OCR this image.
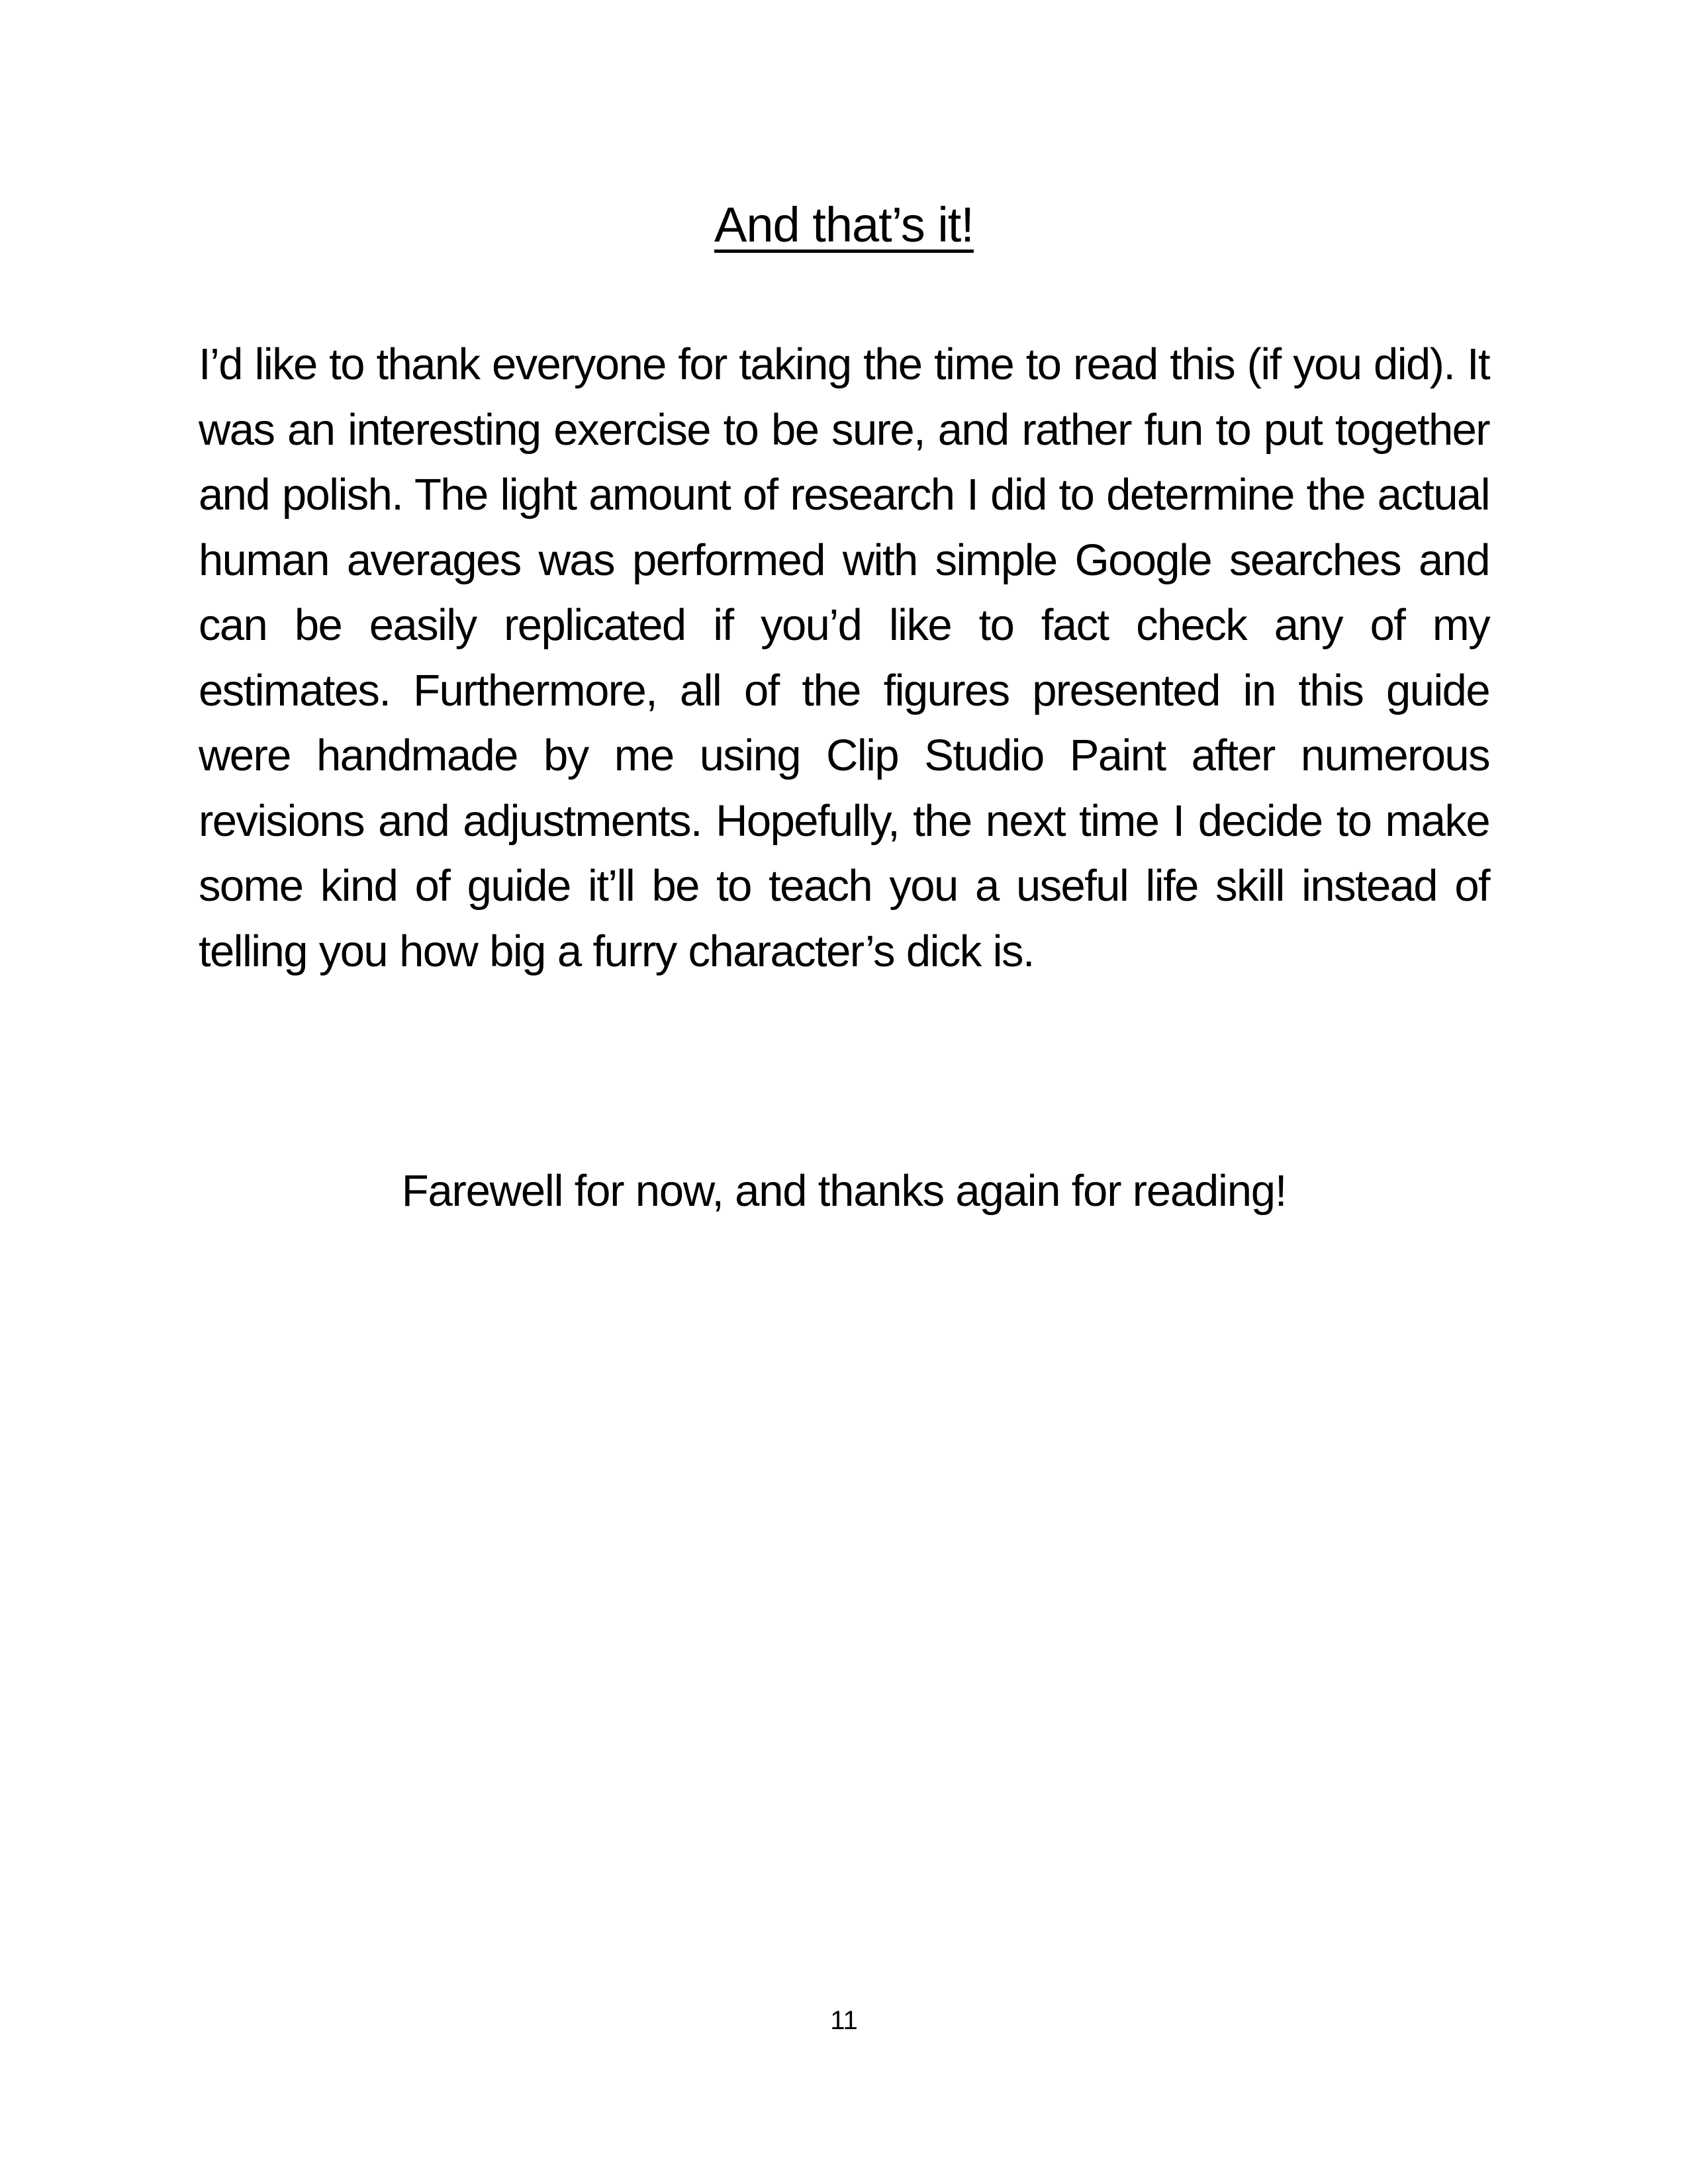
And that’s it!

I’d like to thank everyone for taking the time to read this (if you did). It was an interesting exercise to be sure, and rather fun to put together and polish. The light amount of research I did to determine the actual human averages was performed with simple Google searches and can be easily replicated if you’d like to fact check any of my estimates. Furthermore, all of the figures presented in this guide were handmade by me using Clip Studio Paint after numerous revisions and adjustments. Hopefully, the next time I decide to make some kind of guide it’ll be to teach you a useful life skill instead of telling you how big a furry character’s dick is.

Farewell for now, and thanks again for reading!

11
